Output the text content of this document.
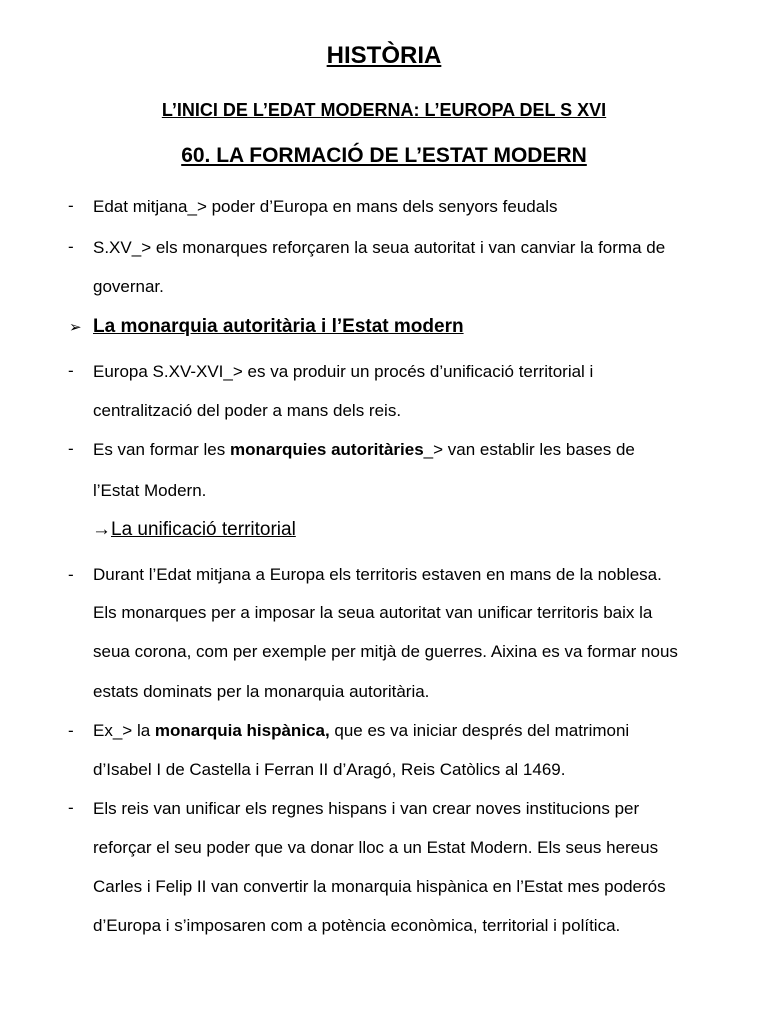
HISTÒRIA
L’INICI DE L’EDAT MODERNA: L’EUROPA DEL S XVI
60. LA FORMACIÓ DE L’ESTAT MODERN
- Edat mitjana_> poder d’Europa en mans dels senyors feudals
- S.XV_> els monarques reforçaren la seua autoritat i van canviar la forma de
governar.
➢ La monarquia autoritària i l’Estat modern
- Europa S.XV-XVI_> es va produir un procés d’unificació territorial i
centralització del poder a mans dels reis.
- Es van formar les monarquies autoritàries_> van establir les bases de
l’Estat Modern.
→La unificació territorial
- Durant l’Edat mitjana a Europa els territoris estaven en mans de la noblesa.
Els monarques per a imposar la seua autoritat van unificar territoris baix la
seua corona, com per exemple per mitjà de guerres. Aixina es va formar nous
estats dominats per la monarquia autoritària.
- Ex_> la monarquia hispànica, que es va iniciar després del matrimoni
d’Isabel I de Castella i Ferran II d’Aragó, Reis Catòlics al 1469.
- Els reis van unificar els regnes hispans i van crear noves institucions per
reforçar el seu poder que va donar lloc a un Estat Modern. Els seus hereus
Carles i Felip II van convertir la monarquia hispànica en l’Estat mes poderós
d’Europa i s’imposaren com a potència econòmica, territorial i política.
